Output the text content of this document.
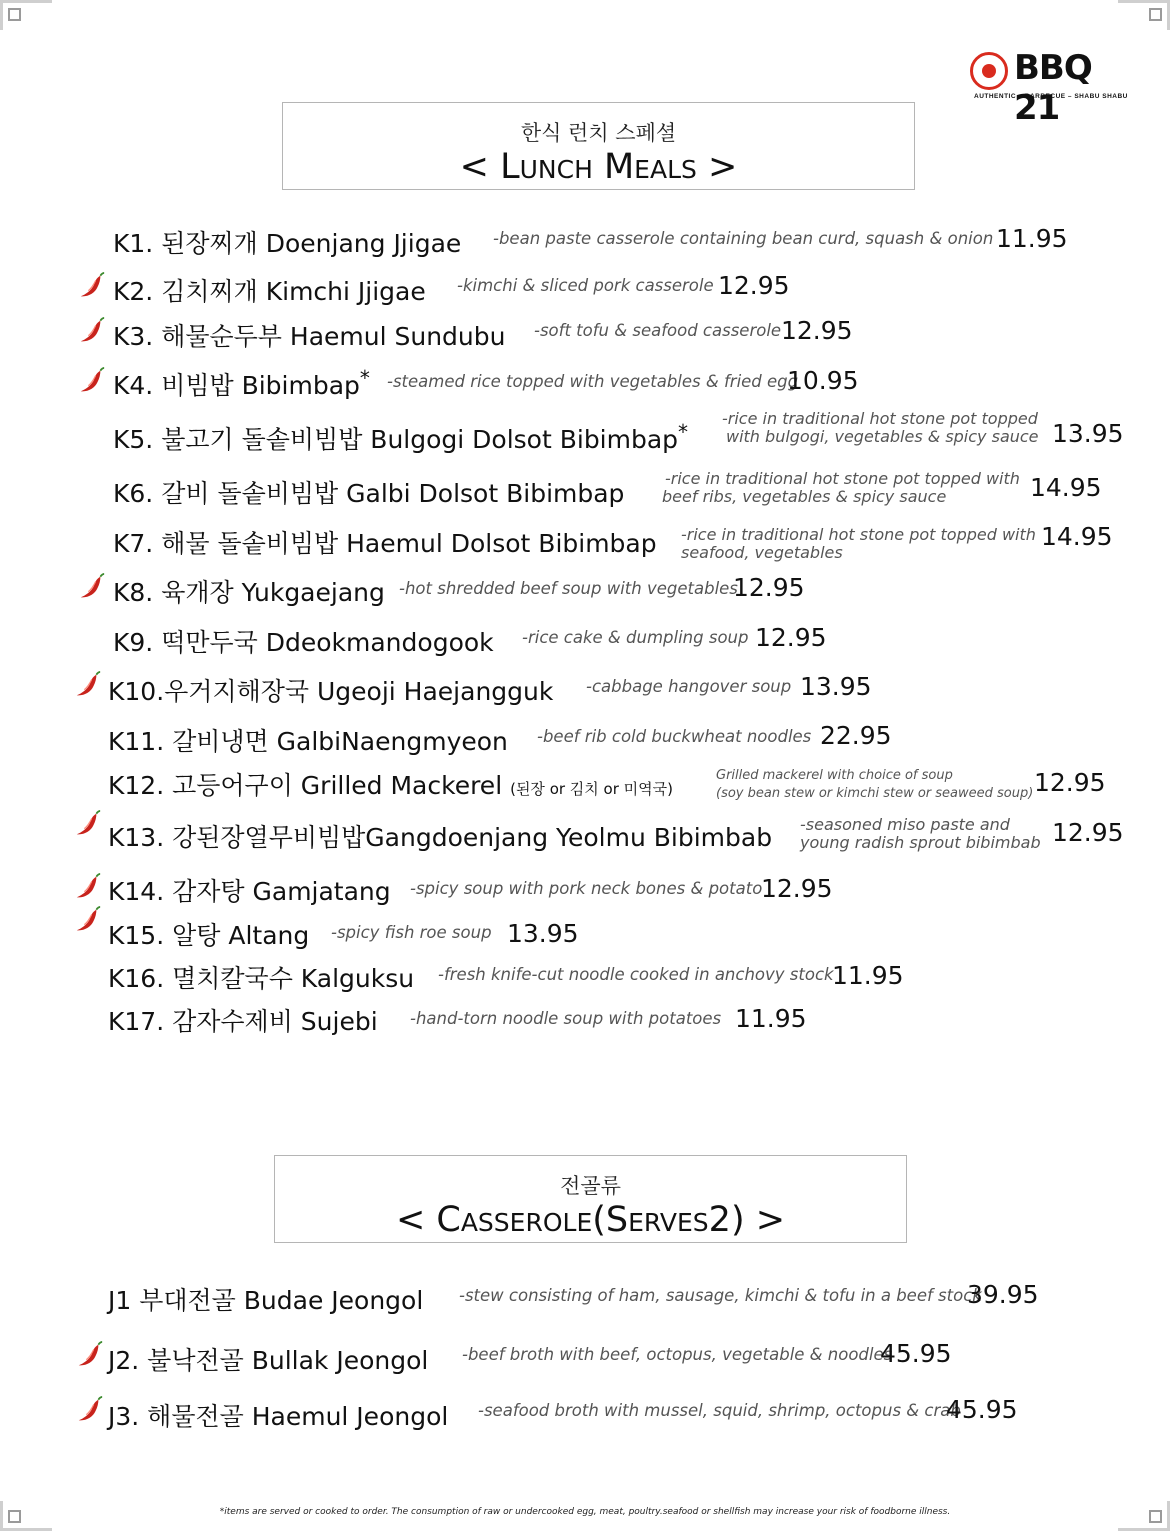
BBQ 21
AUTHENTIC – BARBECUE – SHABU SHABU
한식 런치 스페셜
< Lunch Meals >
K1. 된장찌개 Doenjang Jjigae -bean paste casserole containing bean curd, squash & onion 11.95
K2. 김치찌개 Kimchi Jjigae -kimchi & sliced pork casserole 12.95
K3. 해물순두부 Haemul Sundubu -soft tofu & seafood casserole 12.95
K4. 비빔밥 Bibimbap* -steamed rice topped with vegetables & fried egg
10.95
K5. 불고기 돌솥비빔밥 Bulgogi Dolsot Bibimbap*
-rice in traditional hot stone pot topped
with bulgogi, vegetables & spicy sauce 13.95
K6. 갈비 돌솥비빔밥 Galbi Dolsot Bibimbap
-rice in traditional hot stone pot topped with
beef ribs, vegetables & spicy sauce	14.95
K7. 해물 돌솥비빔밥 Haemul Dolsot Bibimbap -rice in traditional hot stone pot topped with
seafood, vegetables
14.95
K8. 육개장 Yukgaejang -hot shredded beef soup with vegetables
12.95
K9. 떡만두국 Ddeokmandogook -rice cake & dumpling soup 12.95
K10.우거지해장국 Ugeoji Haejangguk -cabbage hangover soup 13.95
K11. 갈비냉면 GalbiNaengmyeon -beef rib cold buckwheat noodles 22.95
K12. 고등어구이 Grilled Mackerel (된장 or 김치 or 미역국)
Grilled mackerel with choice of soup
(soy bean stew or kimchi stew or seaweed soup) 12.95
K13. 강된장열무비빔밥Gangdoenjang Yeolmu Bibimbab -seasoned miso paste and
young radish sprout bibimbab 12.95
K14. 감자탕 Gamjatang -spicy soup with pork neck bones & potato
12.95
K15. 알탕 Altang -spicy fish roe soup 13.95
K16. 멸치칼국수 Kalguksu -fresh knife-cut noodle cooked in anchovy stock
11.95
K17. 감자수제비 Sujebi -hand-torn noodle soup with potatoes 11.95
전골류
< Casserole(Serves2) >
J1 부대전골 Budae Jeongol -stew consisting of ham, sausage, kimchi & tofu in a beef stock
39.95
J2. 불낙전골 Bullak Jeongol -beef broth with beef, octopus, vegetable & noodles
45.95
J3. 해물전골 Haemul Jeongol -seafood broth with mussel, squid, shrimp, octopus & crab
45.95
*items are served or cooked to order. The consumption of raw or undercooked egg, meat, poultry.seafood or shellfish may increase your risk of foodborne illness.
